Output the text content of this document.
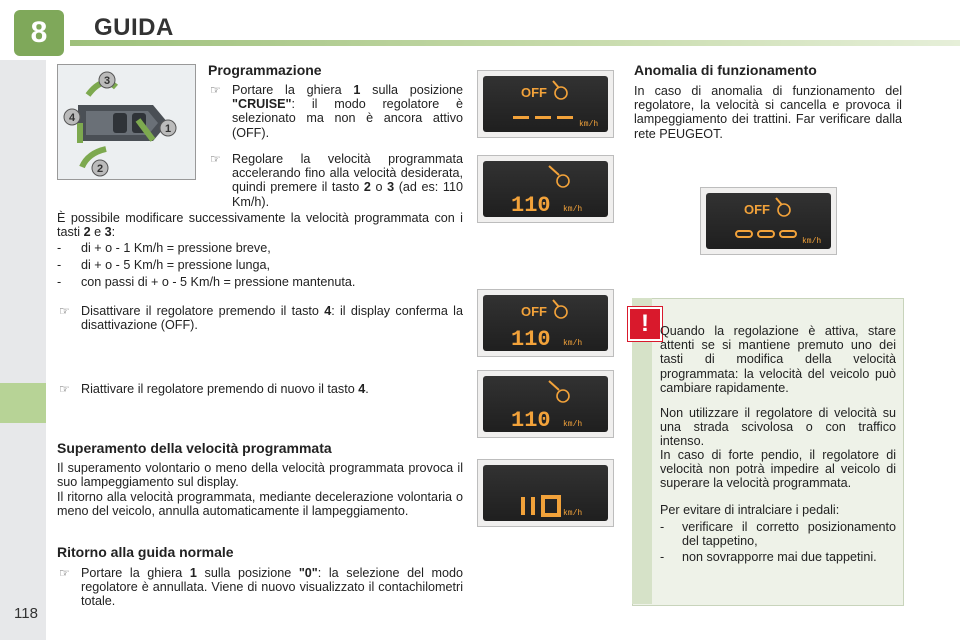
8	GUIDA
118
3
1
2
4
Programmazione
☞ Portare la ghiera 1 sulla posizione "CRUISE": il modo regolatore è selezionato ma non è ancora attivo (OFF).
☞ Regolare la velocità programmata accelerando fino alla velocità desiderata, quindi premere il tasto 2 o 3 (ad es: 110 Km/h).
È possibile modificare successivamente la velocità programmata con i tasti 2 e 3:
- di + o - 1 Km/h = pressione breve,
- di + o - 5 Km/h = pressione lunga,
- con passi di + o - 5 Km/h = pressione mantenuta.
☞ Disattivare il regolatore premendo il tasto 4: il display conferma la disattivazione (OFF).
☞ Riattivare il regolatore premendo di nuovo il tasto 4.
Superamento della velocità programmata
Il superamento volontario o meno della velocità programmata provoca il suo lampeggiamento sul display.
Il ritorno alla velocità programmata, mediante decelerazione volontaria o meno del veicolo, annulla automaticamente il lampeggiamento.
Ritorno alla guida normale
☞ Portare la ghiera 1 sulla posizione "0": la selezione del modo regolatore è annullata. Viene di nuovo visualizzato il contachilometri totale.
OFF
km/h
110 km/h
OFF
110 km/h
110 km/h
km/h
Anomalia di funzionamento
In caso di anomalia di funzionamento del regolatore, la velocità si cancella e provoca il lampeggiamento dei trattini. Far verificare dalla rete PEUGEOT.
OFF
km/h
! Quando la regolazione è attiva, stare attenti se si mantiene premuto uno dei tasti di modifica della velocità programmata: la velocità del veicolo può cambiare rapidamente.
Non utilizzare il regolatore di velocità su una strada scivolosa o con traffico intenso.
In caso di forte pendio, il regolatore di velocità non potrà impedire al veicolo di superare la velocità programmata.
Per evitare di intralciare i pedali:
- verificare il corretto posizionamento del tappetino,
- non sovrapporre mai due tappetini.
